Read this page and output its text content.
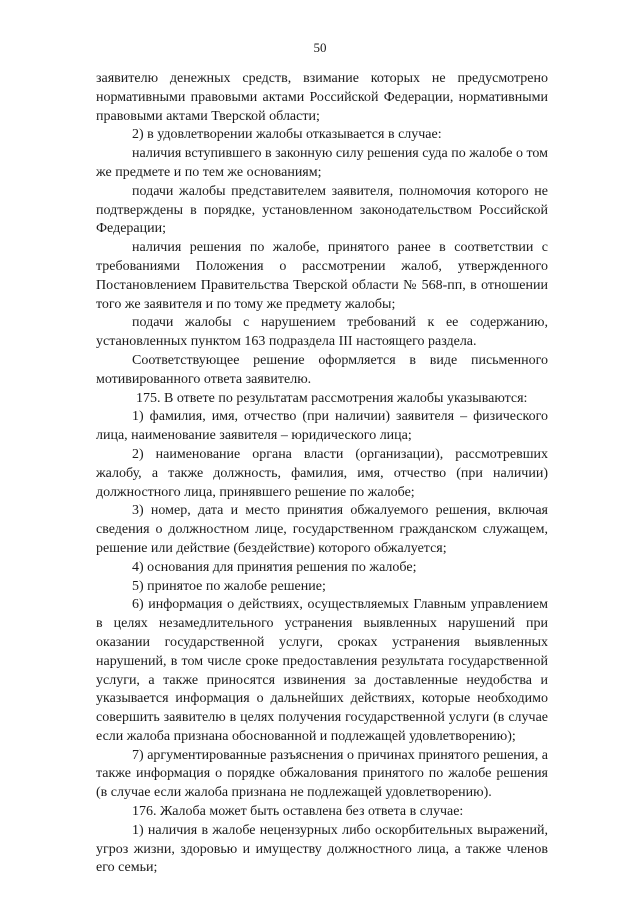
50

заявителю денежных средств, взимание которых не предусмотрено нормативными правовыми актами Российской Федерации, нормативными правовыми актами Тверской области;

2) в удовлетворении жалобы отказывается в случае:

наличия вступившего в законную силу решения суда по жалобе о том же предмете и по тем же основаниям;

подачи жалобы представителем заявителя, полномочия которого не подтверждены в порядке, установленном законодательством Российской Федерации;

наличия решения по жалобе, принятого ранее в соответствии с требованиями Положения о рассмотрении жалоб, утвержденного Постановлением Правительства Тверской области № 568-пп, в отношении того же заявителя и по тому же предмету жалобы;

подачи жалобы с нарушением требований к ее содержанию, установленных пунктом 163 подраздела III настоящего раздела.

Соответствующее решение оформляется в виде письменного мотивированного ответа заявителю.

175. В ответе по результатам рассмотрения жалобы указываются:

1) фамилия, имя, отчество (при наличии) заявителя – физического лица, наименование заявителя – юридического лица;

2) наименование органа власти (организации), рассмотревших жалобу, а также должность, фамилия, имя, отчество (при наличии) должностного лица, принявшего решение по жалобе;

3) номер, дата и место принятия обжалуемого решения, включая сведения о должностном лице, государственном гражданском служащем, решение или действие (бездействие) которого обжалуется;

4) основания для принятия решения по жалобе;

5) принятое по жалобе решение;

6) информация о действиях, осуществляемых Главным управлением в целях незамедлительного устранения выявленных нарушений при оказании государственной услуги, сроках устранения выявленных нарушений, в том числе сроке предоставления результата государственной услуги, а также приносятся извинения за доставленные неудобства и указывается информация о дальнейших действиях, которые необходимо совершить заявителю в целях получения государственной услуги (в случае если жалоба признана обоснованной и подлежащей удовлетворению);

7) аргументированные разъяснения о причинах принятого решения, а также информация о порядке обжалования принятого по жалобе решения (в случае если жалоба признана не подлежащей удовлетворению).

176. Жалоба может быть оставлена без ответа в случае:

1) наличия в жалобе нецензурных либо оскорбительных выражений, угроз жизни, здоровью и имуществу должностного лица, а также членов его семьи;
